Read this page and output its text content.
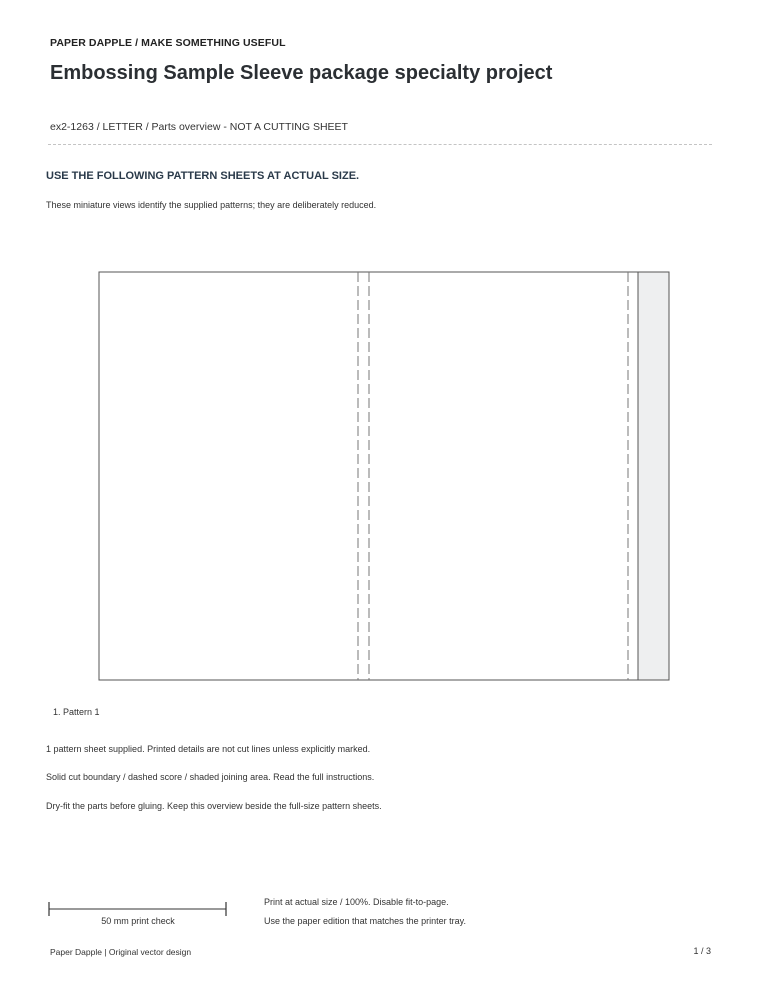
PAPER DAPPLE / MAKE SOMETHING USEFUL
Embossing Sample Sleeve package specialty project
ex2-1263 / LETTER / Parts overview - NOT A CUTTING SHEET
USE THE FOLLOWING PATTERN SHEETS AT ACTUAL SIZE.
These miniature views identify the supplied patterns; they are deliberately reduced.
1. Pattern 1
1 pattern sheet supplied. Printed details are not cut lines unless explicitly marked.
Solid cut boundary / dashed score / shaded joining area. Read the full instructions.
Dry-fit the parts before gluing. Keep this overview beside the full-size pattern sheets.
50 mm print check
Print at actual size / 100%. Disable fit-to-page.
Use the paper edition that matches the printer tray.
Paper Dapple | Original vector design	1 / 3
